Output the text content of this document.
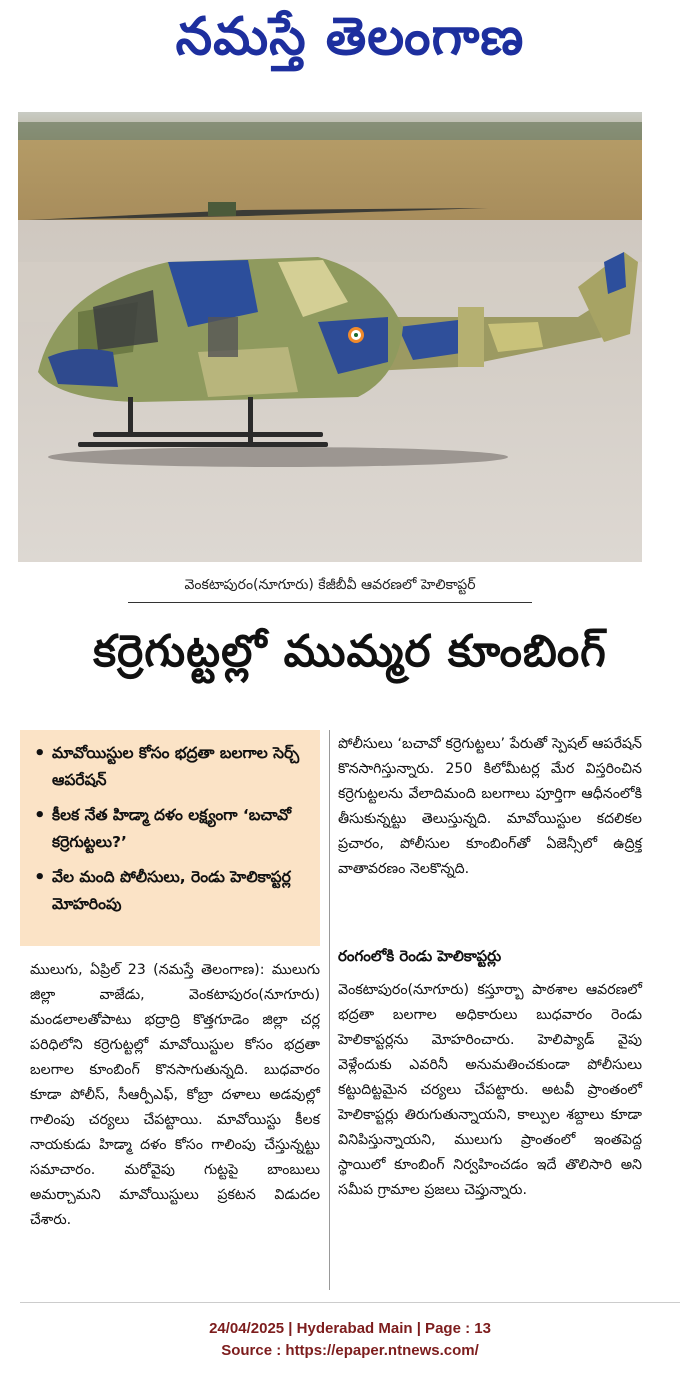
నమస్తే తెలంగాణ
వెంకటాపురం(నూగూరు) కేజీబీవీ ఆవరణలో హెలికాప్టర్
కర్రెగుట్టల్లో ముమ్మర కూంబింగ్
• మావోయిస్టుల కోసం భద్రతా బలగాల సెర్చ్ ఆపరేషన్
• కీలక నేత హిడ్మా దళం లక్ష్యంగా ‘బచావో కర్రెగుట్టలు?’
• వేల మంది పోలీసులు, రెండు హెలికాప్టర్ల మోహరింపు

ములుగు, ఏప్రిల్ 23 (నమస్తే తెలంగాణ): ములుగు జిల్లా వాజేడు, వెంకటాపురం(నూగూరు) మండలాలతోపాటు భద్రాద్రి కొత్తగూడెం జిల్లా చర్ల పరిధిలోని కర్రెగుట్టల్లో మావోయిస్టుల కోసం భద్రతా బలగాల కూంబింగ్ కొనసాగుతున్నది. బుధవారం కూడా పోలీస్, సీఆర్పీఎఫ్, కోబ్రా దళాలు అడవుల్లో గాలింపు చర్యలు చేపట్టాయి. మావోయిస్టు కీలక నాయకుడు హిడ్మా దళం కోసం గాలింపు చేస్తున్నట్టు సమాచారం. మరోవైపు గుట్టపై బాంబులు అమర్చామని మావోయిస్టులు ప్రకటన విడుదల చేశారు.

పోలీసులు ‘బచావో కర్రెగుట్టలు’ పేరుతో స్పెషల్ ఆపరేషన్ కొనసాగిస్తున్నారు. 250 కిలోమీటర్ల మేర విస్తరించిన కర్రెగుట్టలను వేలాదిమంది బలగాలు పూర్తిగా ఆధీనంలోకి తీసుకున్నట్టు తెలుస్తున్నది. మావోయిస్టుల కదలికల ప్రచారం, పోలీసుల కూంబింగ్‌తో ఏజెన్సీలో ఉద్రిక్త వాతావరణం నెలకొన్నది.

రంగంలోకి రెండు హెలికాప్టర్లు

వెంకటాపురం(నూగూరు) కస్తూర్బా పాఠశాల ఆవరణలో భద్రతా బలగాల అధికారులు బుధవారం రెండు హెలికాప్టర్లను మోహరించారు. హెలిప్యాడ్ వైపు వెళ్లేందుకు ఎవరినీ అనుమతించకుండా పోలీసులు కట్టుదిట్టమైన చర్యలు చేపట్టారు. అటవీ ప్రాంతంలో హెలికాప్టర్లు తిరుగుతున్నాయని, కాల్పుల శబ్దాలు కూడా వినిపిస్తున్నాయని, ములుగు ప్రాంతంలో ఇంతపెద్ద స్థాయిలో కూంబింగ్ నిర్వహించడం ఇదే తొలిసారి అని సమీప గ్రామాల ప్రజలు చెప్తున్నారు.

24/04/2025 | Hyderabad Main | Page : 13
Source : https://epaper.ntnews.com/
